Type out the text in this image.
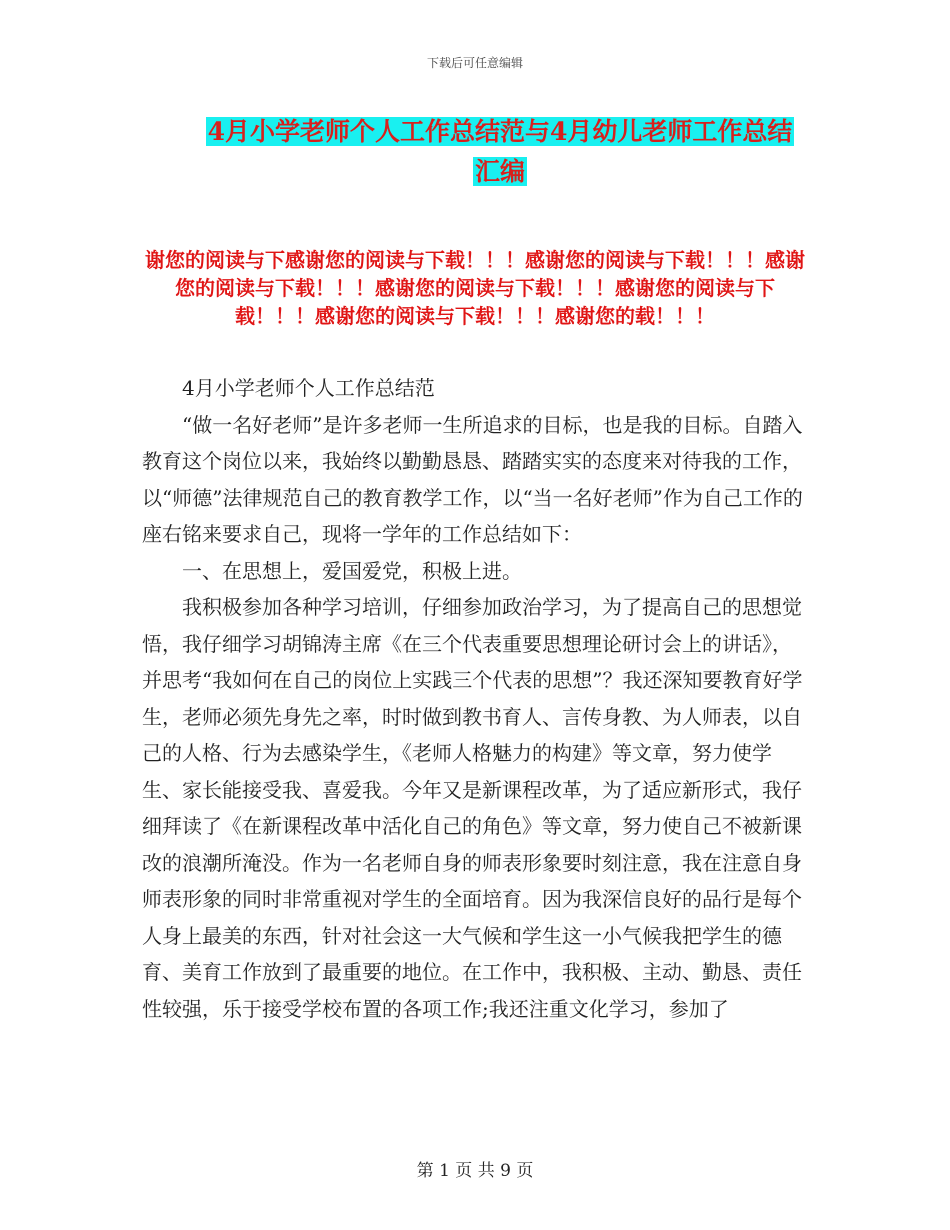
下载后可任意编辑
4月小学老师个人工作总结范与4月幼儿老师工作总结
汇编
谢您的阅读与下感谢您的阅读与下载！！！感谢您的阅读与下载！！！感谢您的阅读与下载！！！感谢您的阅读与下载！！！感谢您的阅读与下载！！！感谢您的阅读与下载！！！感谢您的载！！！

4月小学老师个人工作总结范

“做一名好老师”是许多老师一生所追求的目标，也是我的目标。自踏入教育这个岗位以来，我始终以勤勤恳恳、踏踏实实的态度来对待我的工作，以“师德”法律规范自己的教育教学工作，以“当一名好老师”作为自己工作的座右铭来要求自己，现将一学年的工作总结如下：

一、在思想上，爱国爱党，积极上进。

我积极参加各种学习培训，仔细参加政治学习，为了提高自己的思想觉悟，我仔细学习胡锦涛主席《在三个代表重要思想理论研讨会上的讲话》，并思考“我如何在自己的岗位上实践三个代表的思想”？我还深知要教育好学生，老师必须先身先之率，时时做到教书育人、言传身教、为人师表，以自己的人格、行为去感染学生，《老师人格魅力的构建》等文章，努力使学生、家长能接受我、喜爱我。今年又是新课程改革，为了适应新形式，我仔细拜读了《在新课程改革中活化自己的角色》等文章，努力使自己不被新课改的浪潮所淹没。作为一名老师自身的师表形象要时刻注意，我在注意自身师表形象的同时非常重视对学生的全面培育。因为我深信良好的品行是每个人身上最美的东西，针对社会这一大气候和学生这一小气候我把学生的德育、美育工作放到了最重要的地位。在工作中，我积极、主动、勤恳、责任性较强，乐于接受学校布置的各项工作;我还注重文化学习，参加了

第 1 页 共 9 页
